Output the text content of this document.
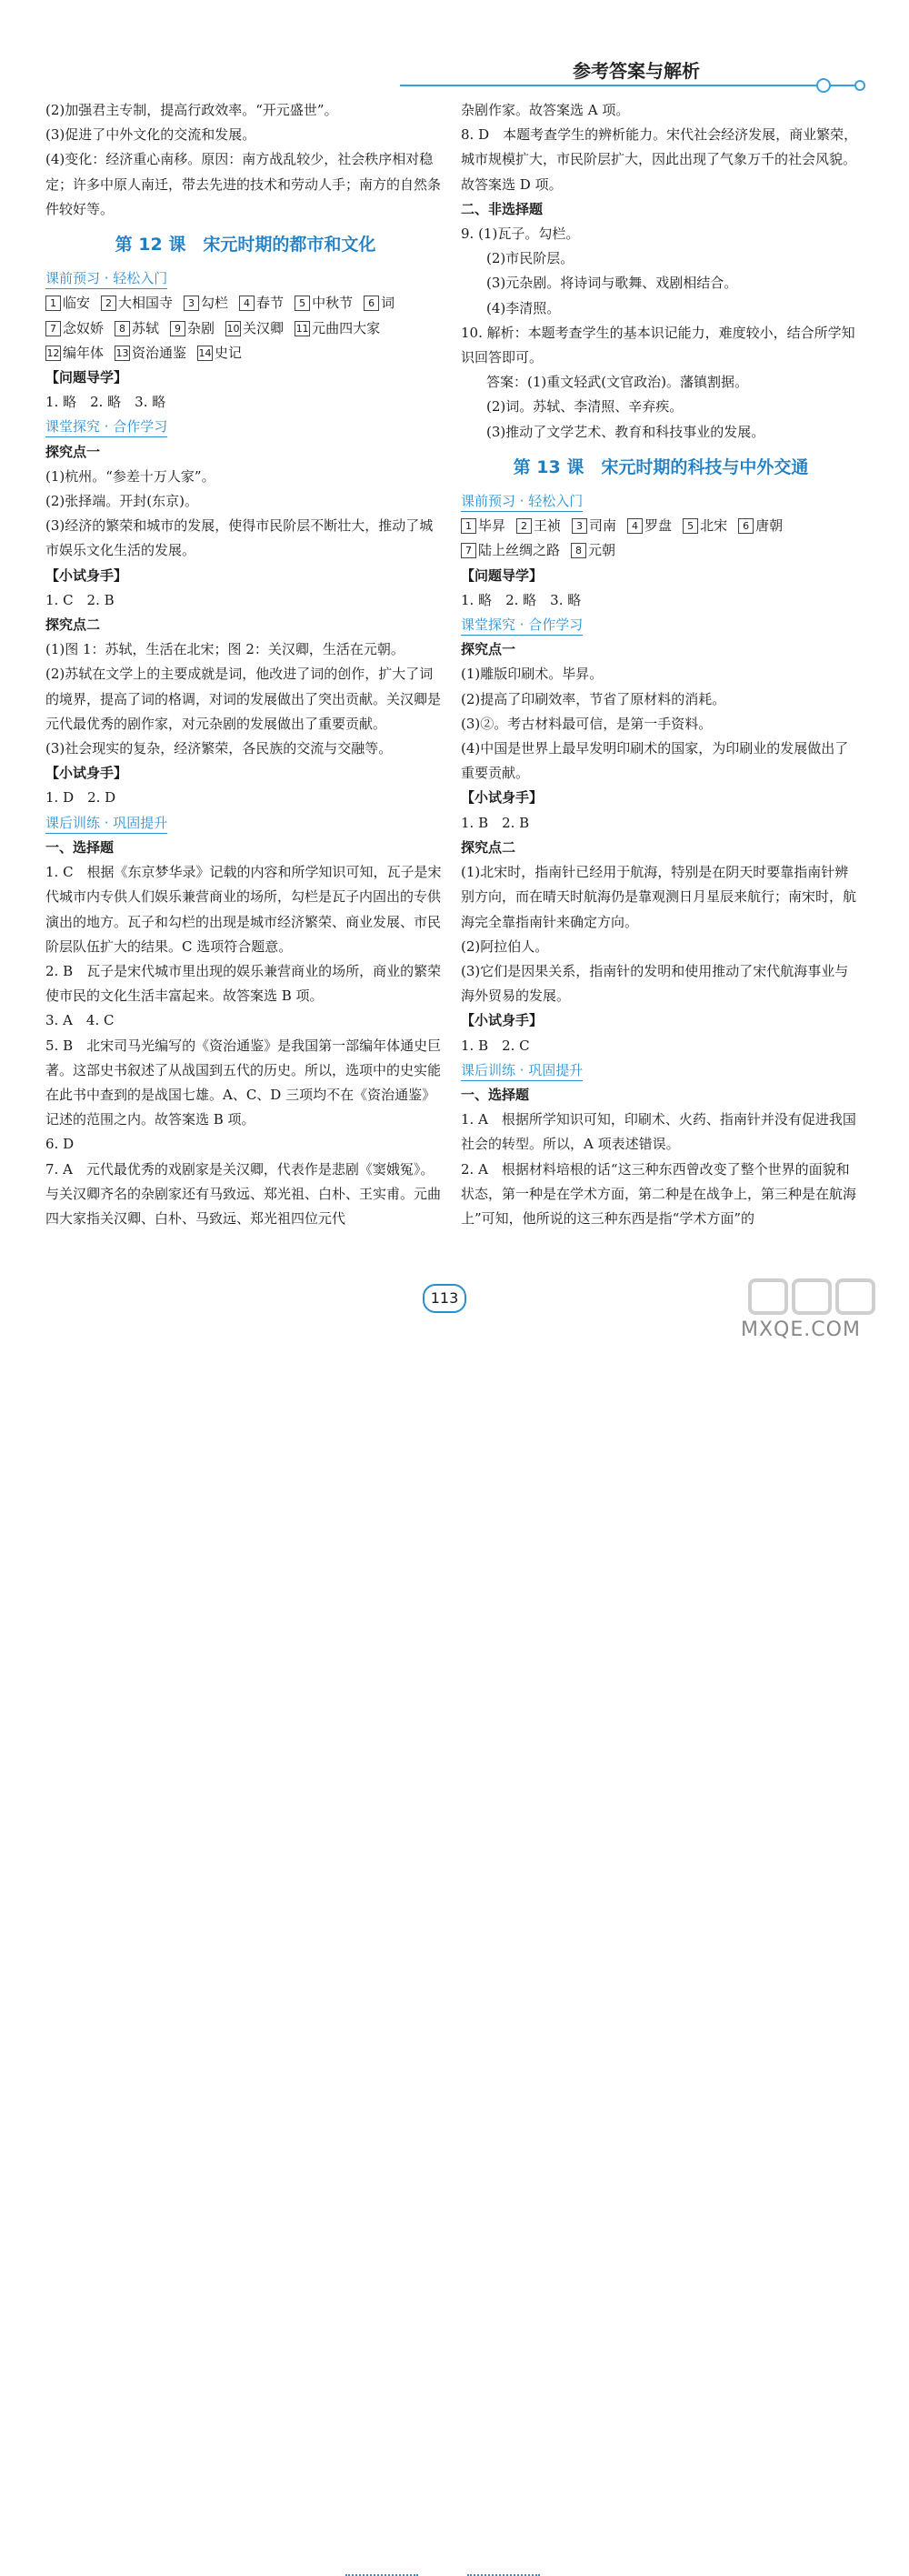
参考答案与解析

(2)加强君主专制，提高行政效率。“开元盛世”。

(3)促进了中外文化的交流和发展。

(4)变化：经济重心南移。原因：南方战乱较少，社会秩序相对稳定；许多中原人南迁，带去先进的技术和劳动人手；南方的自然条件较好等。

第 12 课　宋元时期的都市和文化

课前预习 · 轻松入门

1 临安 2 大相国寺 3 勾栏 4 春节 5 中秋节 6 词 7 念奴娇 8 苏轼 9 杂剧 10 关汉卿 11 元曲四大家 12 编年体 13 资治通鉴 14 史记

【问题导学】

1. 略　2. 略　3. 略

课堂探究 · 合作学习

探究点一

(1)杭州。“参差十万人家”。

(2)张择端。开封(东京)。

(3)经济的繁荣和城市的发展，使得市民阶层不断壮大，推动了城市娱乐文化生活的发展。

【小试身手】

1. C　2. B

探究点二

(1)图 1：苏轼，生活在北宋；图 2：关汉卿，生活在元朝。

(2)苏轼在文学上的主要成就是词，他改进了词的创作，扩大了词的境界，提高了词的格调，对词的发展做出了突出贡献。关汉卿是元代最优秀的剧作家，对元杂剧的发展做出了重要贡献。

(3)社会现实的复杂，经济繁荣，各民族的交流与交融等。

【小试身手】

1. D　2. D

课后训练 · 巩固提升

一、选择题

1. C　根据《东京梦华录》记载的内容和所学知识可知，瓦子是宋代城市内专供人们娱乐兼营商业的场所，勾栏是瓦子内固出的专供演出的地方。瓦子和勾栏的出现是城市经济繁荣、商业发展、市民阶层队伍扩大的结果。C 选项符合题意。

2. B　瓦子是宋代城市里出现的娱乐兼营商业的场所，商业的繁荣使市民的文化生活丰富起来。故答案选 B 项。

3. A　4. C

5. B　北宋司马光编写的《资治通鉴》是我国第一部编年体通史巨著。这部史书叙述了从战国到五代的历史。所以，选项中的史实能在此书中查到的是战国七雄。A、C、D 三项均不在《资治通鉴》记述的范围之内。故答案选 B 项。

6. D

7. A　元代最优秀的戏剧家是关汉卿，代表作是悲剧《窦娥冤》。与关汉卿齐名的杂剧家还有马致远、郑光祖、白朴、王实甫。元曲四大家指关汉卿、白朴、马致远、郑光祖四位元代

杂剧作家。故答案选 A 项。

8. D　本题考查学生的辨析能力。宋代社会经济发展，商业繁荣，城市规模扩大，市民阶层扩大，因此出现了气象万千的社会风貌。故答案选 D 项。

二、非选择题

9. (1)瓦子。勾栏。

(2)市民阶层。

(3)元杂剧。将诗词与歌舞、戏剧相结合。

(4)李清照。

10. 解析：本题考查学生的基本识记能力，难度较小，结合所学知识回答即可。

答案：(1)重文轻武(文官政治)。藩镇割据。

(2)词。苏轼、李清照、辛弃疾。

(3)推动了文学艺术、教育和科技事业的发展。

第 13 课　宋元时期的科技与中外交通

课前预习 · 轻松入门

1 毕昇 2 王祯 3 司南 4 罗盘 5 北宋 6 唐朝 7 陆上丝绸之路 8 元朝

【问题导学】

1. 略　2. 略　3. 略

课堂探究 · 合作学习

探究点一

(1)雕版印刷术。毕昇。

(2)提高了印刷效率，节省了原材料的消耗。

(3)②。考古材料最可信，是第一手资料。

(4)中国是世界上最早发明印刷术的国家，为印刷业的发展做出了重要贡献。

【小试身手】

1. B　2. B

探究点二

(1)北宋时，指南针已经用于航海，特别是在阴天时要靠指南针辨别方向，而在晴天时航海仍是靠观测日月星辰来航行；南宋时，航海完全靠指南针来确定方向。

(2)阿拉伯人。

(3)它们是因果关系，指南针的发明和使用推动了宋代航海事业与海外贸易的发展。

【小试身手】

1. B　2. C

课后训练 · 巩固提升

一、选择题

1. A　根据所学知识可知，印刷术、火药、指南针并没有促进我国社会的转型。所以，A 项表述错误。

2. A　根据材料培根的话“这三种东西曾改变了整个世界的面貌和状态，第一种是在学术方面，第二种是在战争上，第三种是在航海上”可知，他所说的这三种东西是指“学术方面”的

113
MXQE.COM
